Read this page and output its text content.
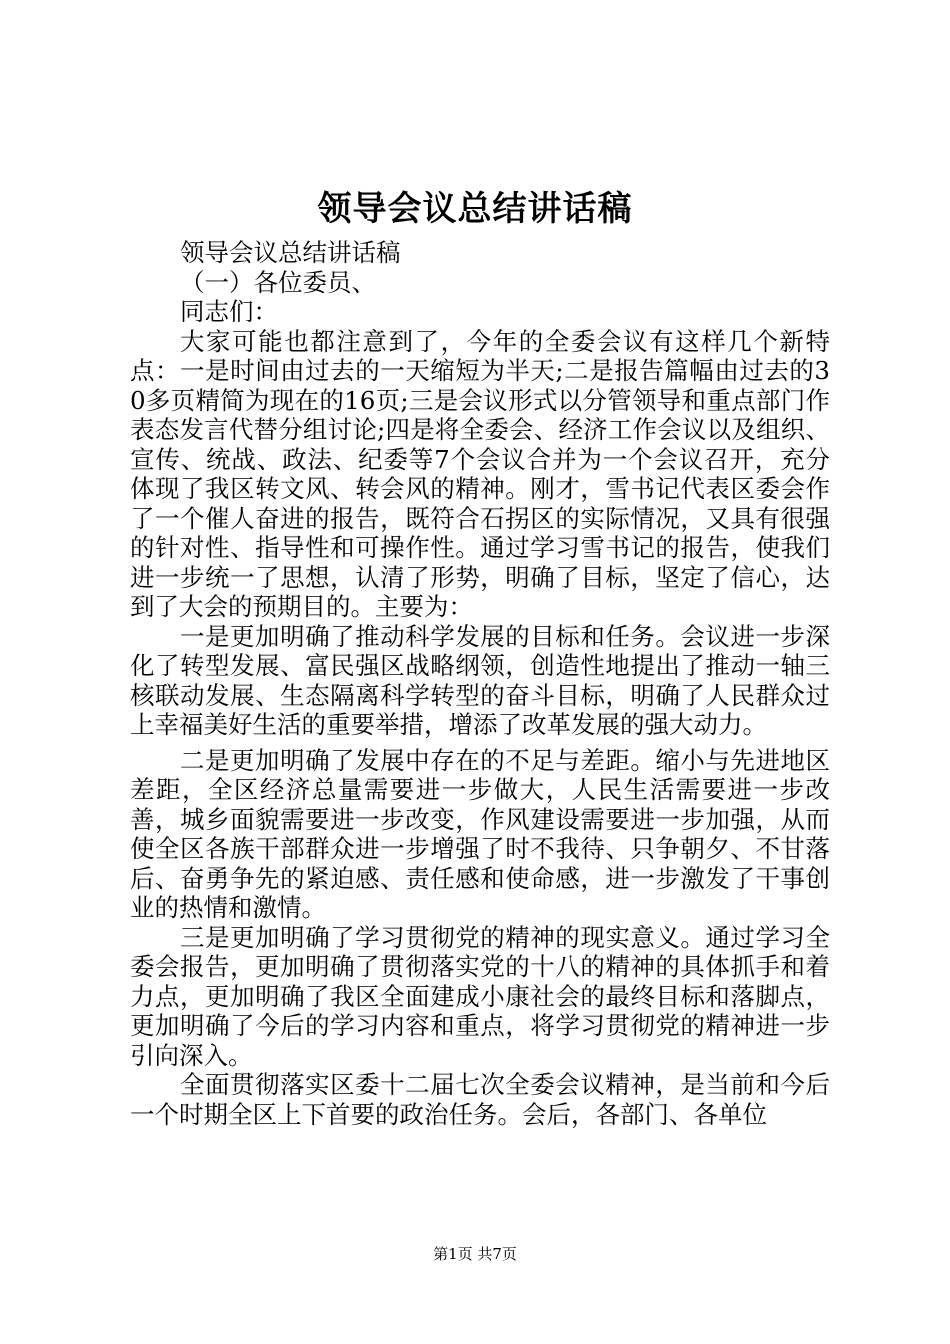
领导会议总结讲话稿

领导会议总结讲话稿

（一）各位委员、

同志们：

大家可能也都注意到了，今年的全委会议有这样几个新特点：一是时间由过去的一天缩短为半天;二是报告篇幅由过去的30多页精简为现在的16页;三是会议形式以分管领导和重点部门作表态发言代替分组讨论;四是将全委会、经济工作会议以及组织、宣传、统战、政法、纪委等7个会议合并为一个会议召开，充分体现了我区转文风、转会风的精神。刚才，雪书记代表区委会作了一个催人奋进的报告，既符合石拐区的实际情况，又具有很强的针对性、指导性和可操作性。通过学习雪书记的报告，使我们进一步统一了思想，认清了形势，明确了目标，坚定了信心，达到了大会的预期目的。主要为：

一是更加明确了推动科学发展的目标和任务。会议进一步深化了转型发展、富民强区战略纲领，创造性地提出了推动一轴三核联动发展、生态隔离科学转型的奋斗目标，明确了人民群众过上幸福美好生活的重要举措，增添了改革发展的强大动力。

二是更加明确了发展中存在的不足与差距。缩小与先进地区差距，全区经济总量需要进一步做大，人民生活需要进一步改善，城乡面貌需要进一步改变，作风建设需要进一步加强，从而使全区各族干部群众进一步增强了时不我待、只争朝夕、不甘落后、奋勇争先的紧迫感、责任感和使命感，进一步激发了干事创业的热情和激情。

三是更加明确了学习贯彻党的精神的现实意义。通过学习全委会报告，更加明确了贯彻落实党的十八的精神的具体抓手和着力点，更加明确了我区全面建成小康社会的最终目标和落脚点，更加明确了今后的学习内容和重点，将学习贯彻党的精神进一步引向深入。

全面贯彻落实区委十二届七次全委会议精神，是当前和今后一个时期全区上下首要的政治任务。会后，各部门、各单位

第1页 共7页
